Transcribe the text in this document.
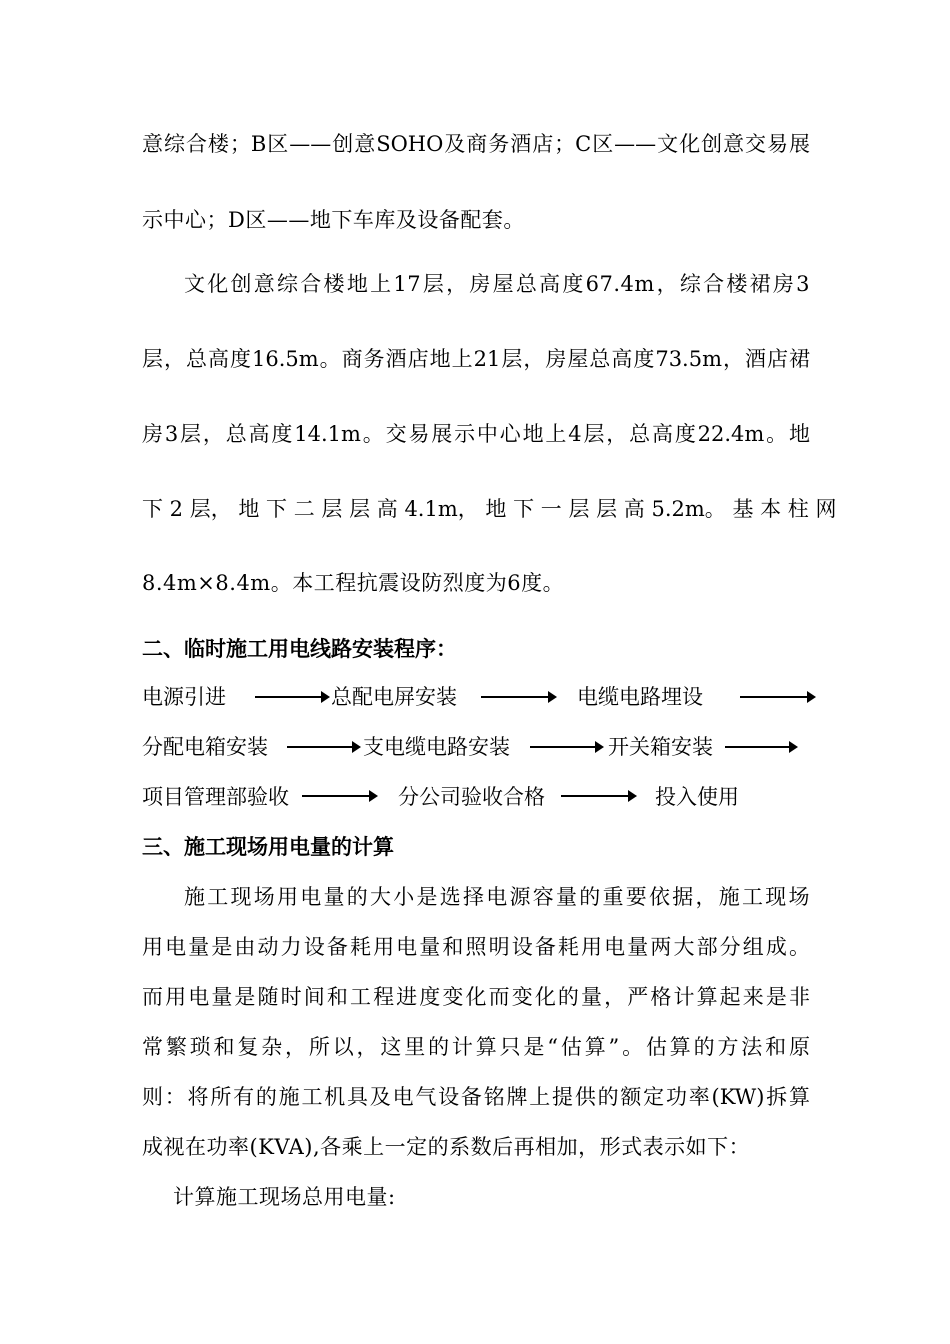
意综合楼；B区——创意SOHO及商务酒店；C区——文化创意交易展
示中心；D区——地下车库及设备配套。
文化创意综合楼地上17层，房屋总高度67.4m，综合楼裙房3
层，总高度16.5m。商务酒店地上21层，房屋总高度73.5m，酒店裙
房3层，总高度14.1m。交易展示中心地上4层，总高度22.4m。地
下 2 层， 地 下 二 层 层 高 4.1m， 地 下 一 层 层 高 5.2m。 基 本 柱 网
8.4m×8.4m。本工程抗震设防烈度为6度。
二、临时施工用电线路安装程序：
电源引进	总配电屏安装	电缆电路埋设
分配电箱安装	支电缆电路安装	开关箱安装
项目管理部验收	分公司验收合格	投入使用
三、施工现场用电量的计算
施工现场用电量的大小是选择电源容量的重要依据，施工现场
用电量是由动力设备耗用电量和照明设备耗用电量两大部分组成。
而用电量是随时间和工程进度变化而变化的量，严格计算起来是非
常繁琐和复杂，所以，这里的计算只是“估算”。估算的方法和原
则：将所有的施工机具及电气设备铭牌上提供的额定功率(KW)拆算
成视在功率(KVA),各乘上一定的系数后再相加，形式表示如下：
计算施工现场总用电量:
